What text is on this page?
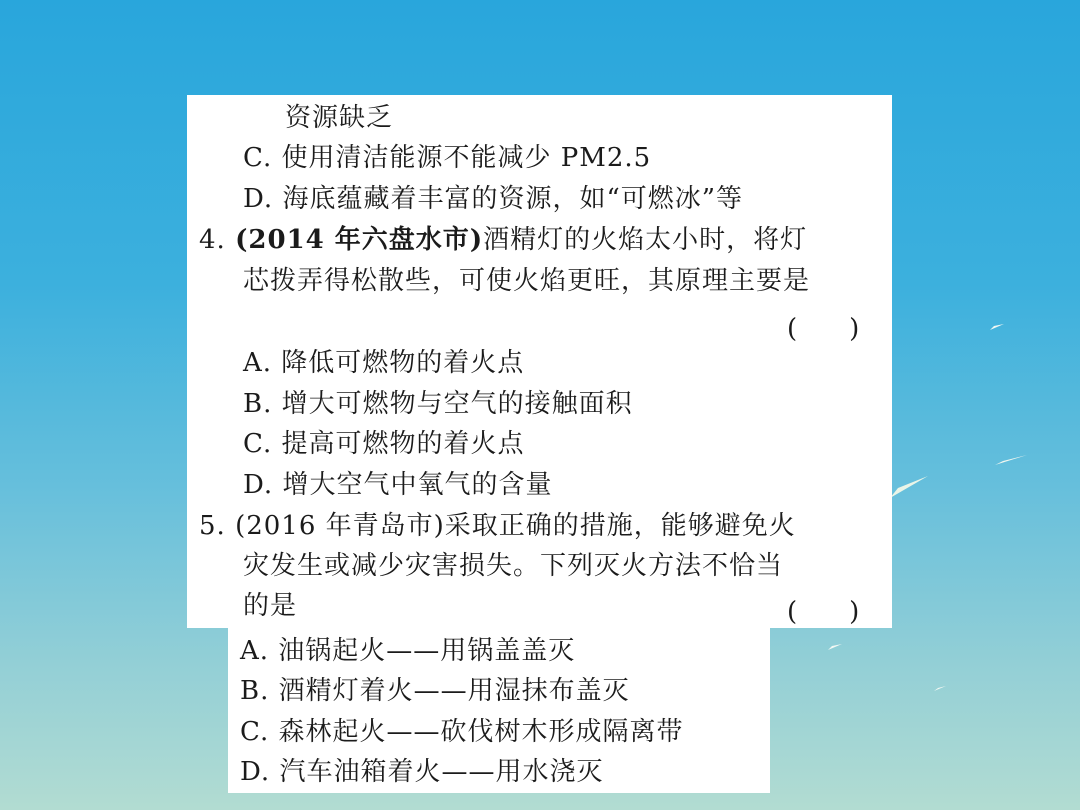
资源缺乏
C. 使用清洁能源不能减少 PM2.5
D. 海底蕴藏着丰富的资源，如“可燃冰”等
4. (2014 年六盘水市)酒精灯的火焰太小时，将灯
芯拨弄得松散些，可使火焰更旺，其原理主要是
(　　)
A. 降低可燃物的着火点
B. 增大可燃物与空气的接触面积
C. 提高可燃物的着火点
D. 增大空气中氧气的含量
5. (2016 年青岛市)采取正确的措施，能够避免火
灾发生或减少灾害损失。下列灭火方法不恰当
的是	(　　)
A. 油锅起火——用锅盖盖灭
B. 酒精灯着火——用湿抹布盖灭
C. 森林起火——砍伐树木形成隔离带
D. 汽车油箱着火——用水浇灭
